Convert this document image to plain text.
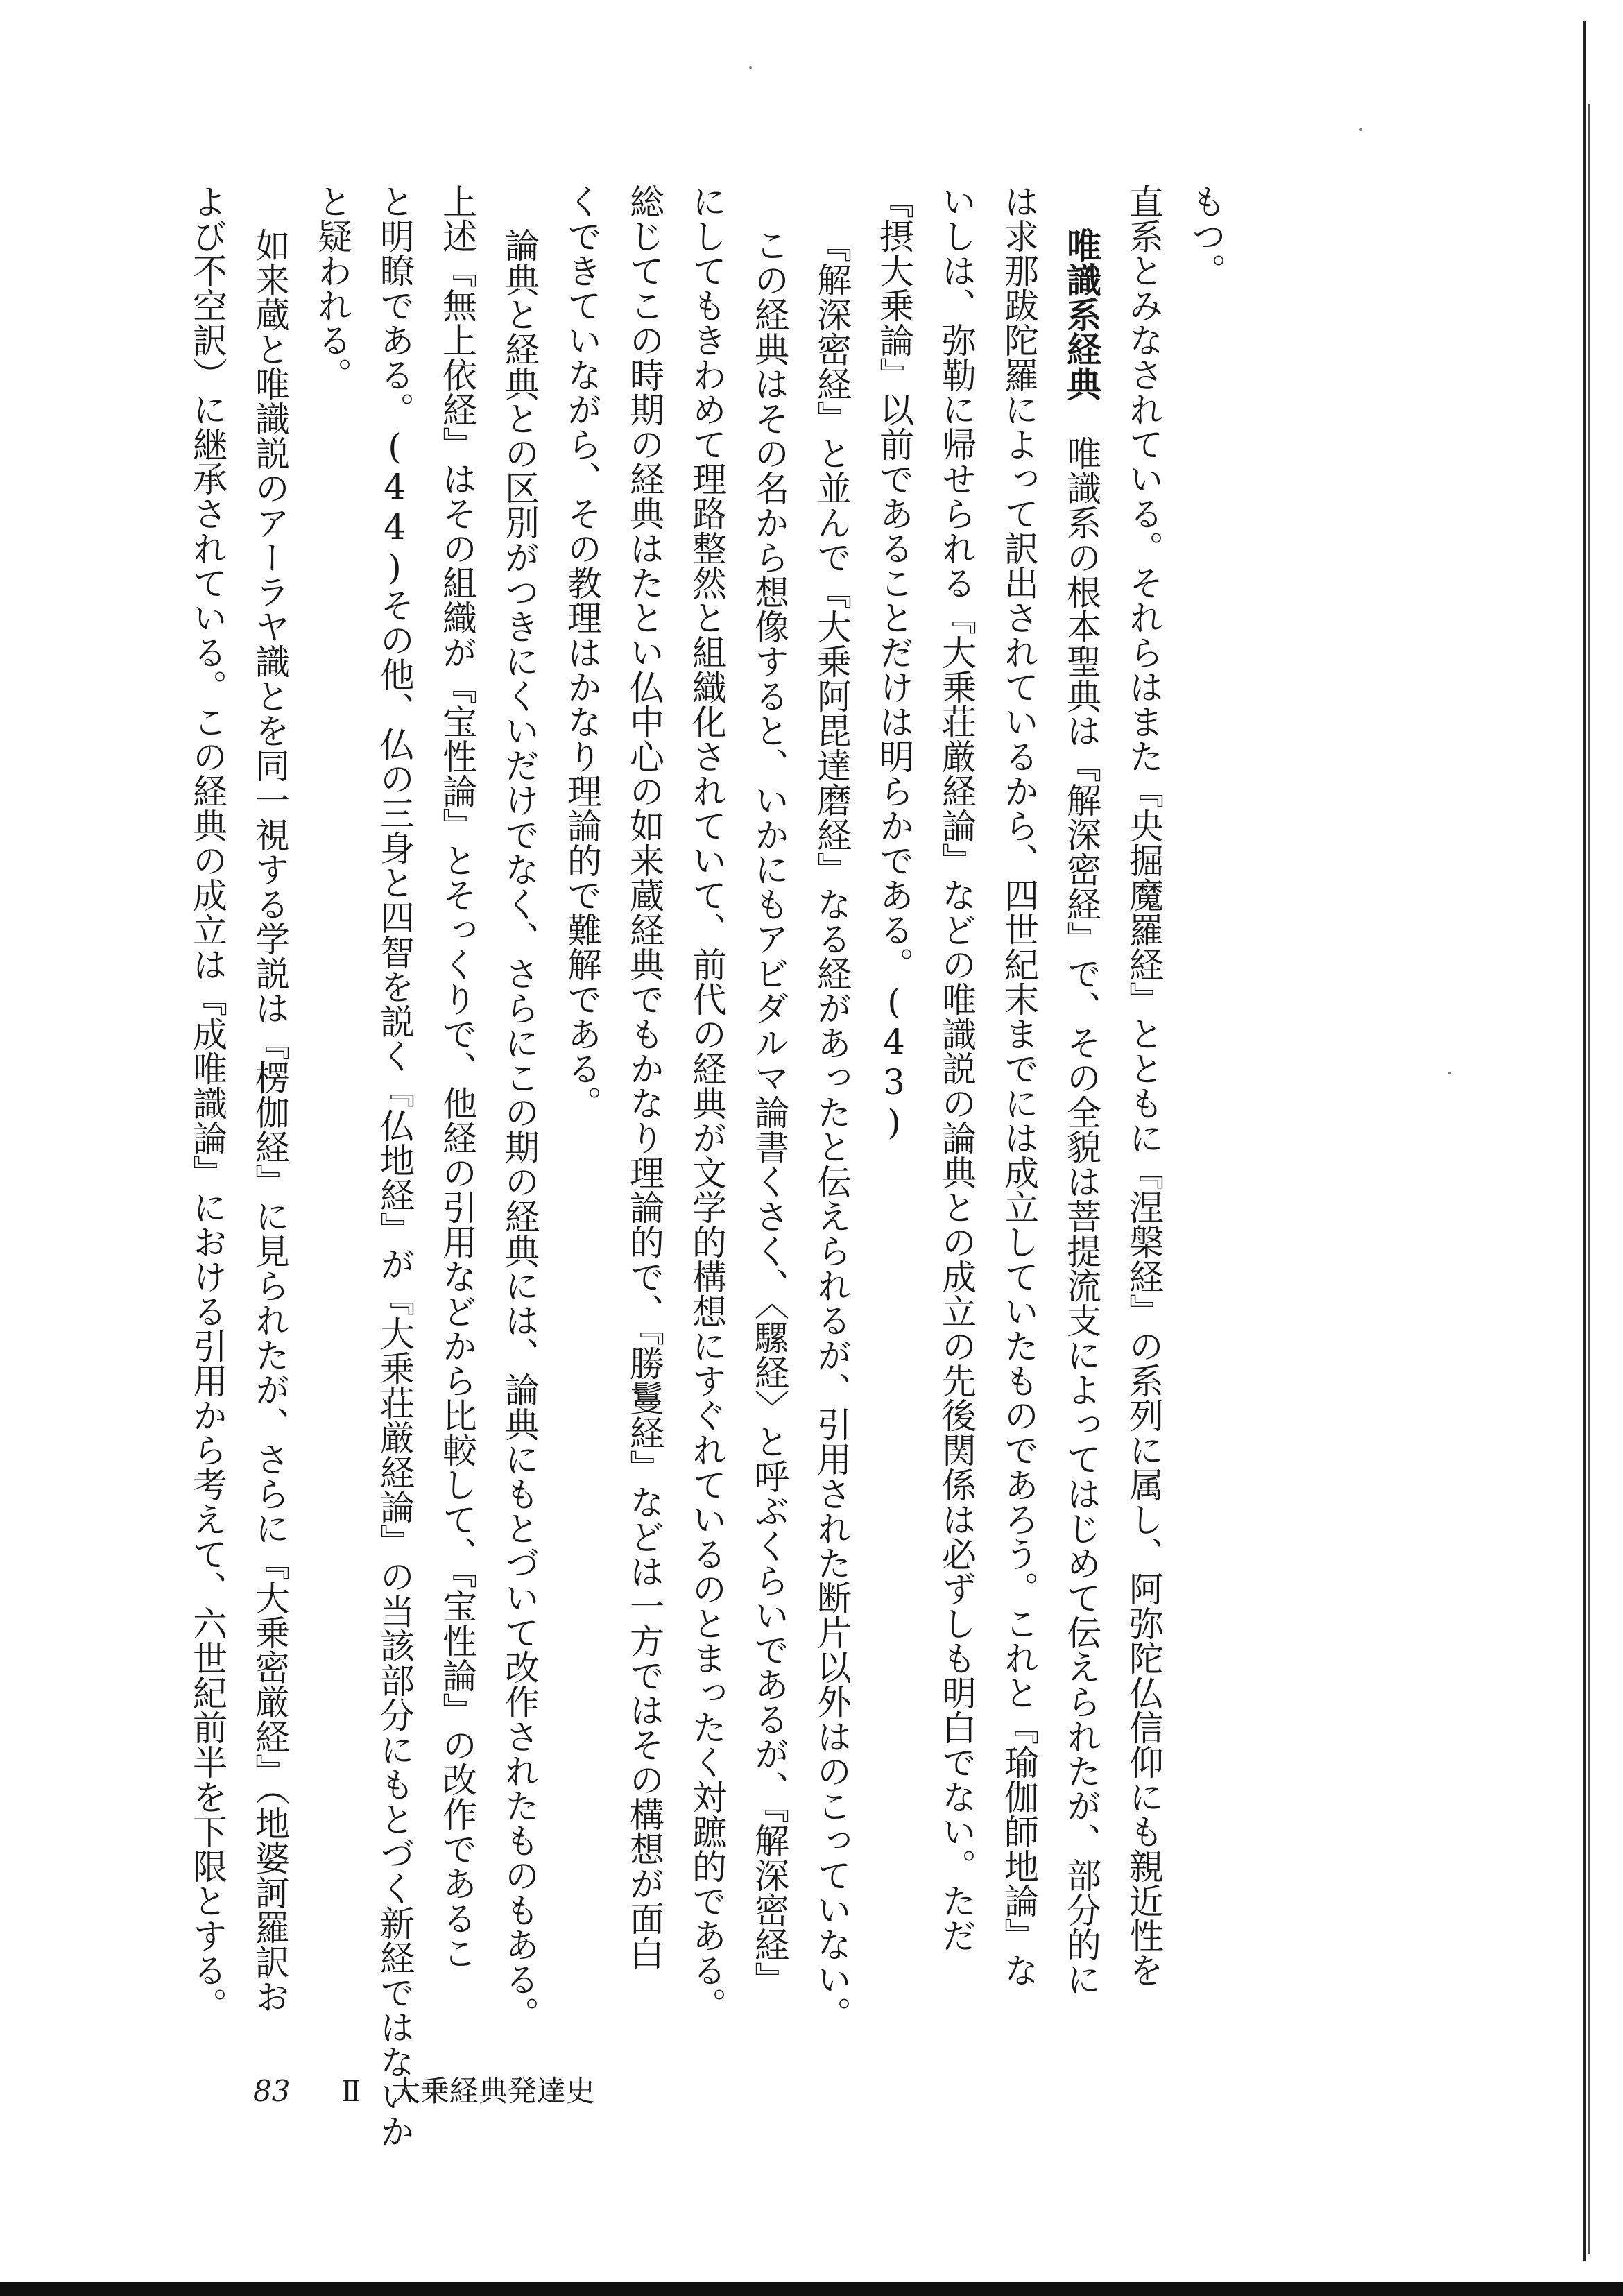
もつ。
直系とみなされている。それらはまた『央掘魔羅経』とともに『涅槃経』の系列に属し、阿弥陀仏信仰にも親近性を
唯識系経典　唯識系の根本聖典は『解深密経』で、その全貌は菩提流支によってはじめて伝えられたが、部分的に
は求那跋陀羅によって訳出されているから、四世紀末までには成立していたものであろう。これと『瑜伽師地論』な
いしは、弥勒に帰せられる『大乗荘厳経論』などの唯識説の論典との成立の先後関係は必ずしも明白でない。ただ
『摂大乗論』以前であることだけは明らかである。(43)
『解深密経』と並んで『大乗阿毘達磨経』なる経があったと伝えられるが、引用された断片以外はのこっていない。
この経典はその名から想像すると、いかにもアビダルマ論書くさく、〈騾経〉と呼ぶくらいであるが、『解深密経』
にしてもきわめて理路整然と組織化されていて、前代の経典が文学的構想にすぐれているのとまったく対蹠的である。
総じてこの時期の経典はたとい仏中心の如来蔵経典でもかなり理論的で、『勝鬘経』などは一方ではその構想が面白
くできていながら、その教理はかなり理論的で難解である。
論典と経典との区別がつきにくいだけでなく、さらにこの期の経典には、論典にもとづいて改作されたものもある。
上述『無上依経』はその組織が『宝性論』とそっくりで、他経の引用などから比較して、『宝性論』の改作であるこ
と明瞭である。(44)その他、仏の三身と四智を説く『仏地経』が『大乗荘厳経論』の当該部分にもとづく新経ではないか
と疑われる。
如来蔵と唯識説のアーラヤ識とを同一視する学説は『楞伽経』に見られたが、さらに『大乗密厳経』（地婆訶羅訳お
よび不空訳）に継承されている。この経典の成立は『成唯識論』における引用から考えて、六世紀前半を下限とする。
83 Ⅱ 大乗経典発達史
